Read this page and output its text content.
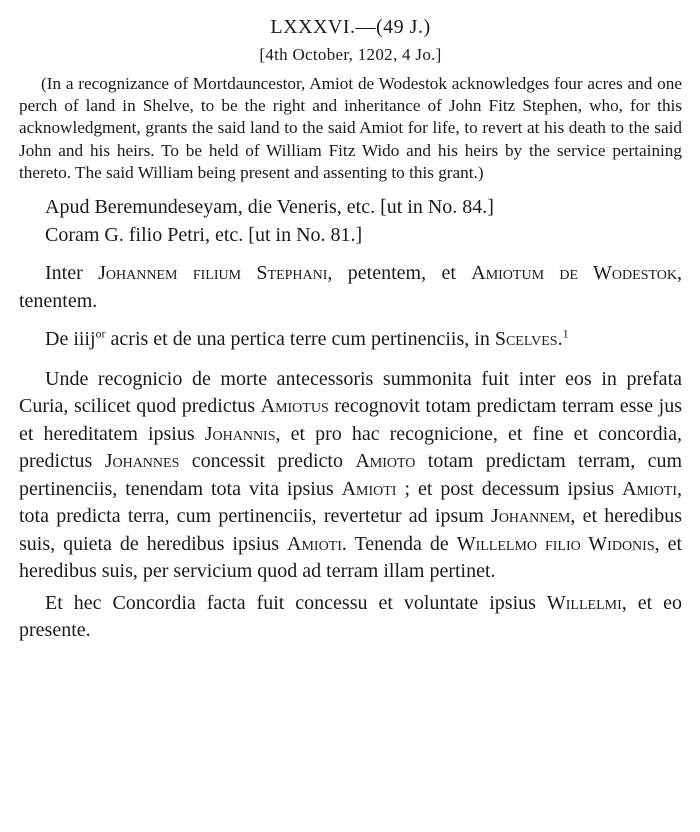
LXXXVI.—(49 J.)
[4th October, 1202, 4 Jo.]
(In a recognizance of Mortdauncestor, Amiot de Wodestok acknowledges four acres and one perch of land in Shelve, to be the right and inheritance of John Fitz Stephen, who, for this acknowledgment, grants the said land to the said Amiot for life, to revert at his death to the said John and his heirs. To be held of William Fitz Wido and his heirs by the service pertaining thereto. The said William being present and assenting to this grant.)

Apud Beremundeseyam, die Veneris, etc. [ut in No. 84.]

Coram G. filio Petri, etc. [ut in No. 81.]

Inter Johannem filium Stephani, petentem, et Amiotum de Wodestok, tenentem.

De iiij$^{or}$ acris et de una pertica terre cum pertinenciis, in Scelves.$^1$

Unde recognicio de morte antecessoris summonita fuit inter eos in prefata Curia, scilicet quod predictus Amiotus recognovit totam predictam terram esse jus et hereditatem ipsius Johannis, et pro hac recognicione, et fine et concordia, predictus Johannes concessit predicto Amioto totam predictam terram, cum pertinenciis, tenendam tota vita ipsius Amioti ; et post decessum ipsius Amioti, tota predicta terra, cum pertinenciis, revertetur ad ipsum Johannem, et heredibus suis, quieta de heredibus ipsius Amioti. Tenenda de Willelmo filio Widonis, et heredibus suis, per servicium quod ad terram illam pertinet.

Et hec Concordia facta fuit concessu et voluntate ipsius Willelmi, et eo presente.
